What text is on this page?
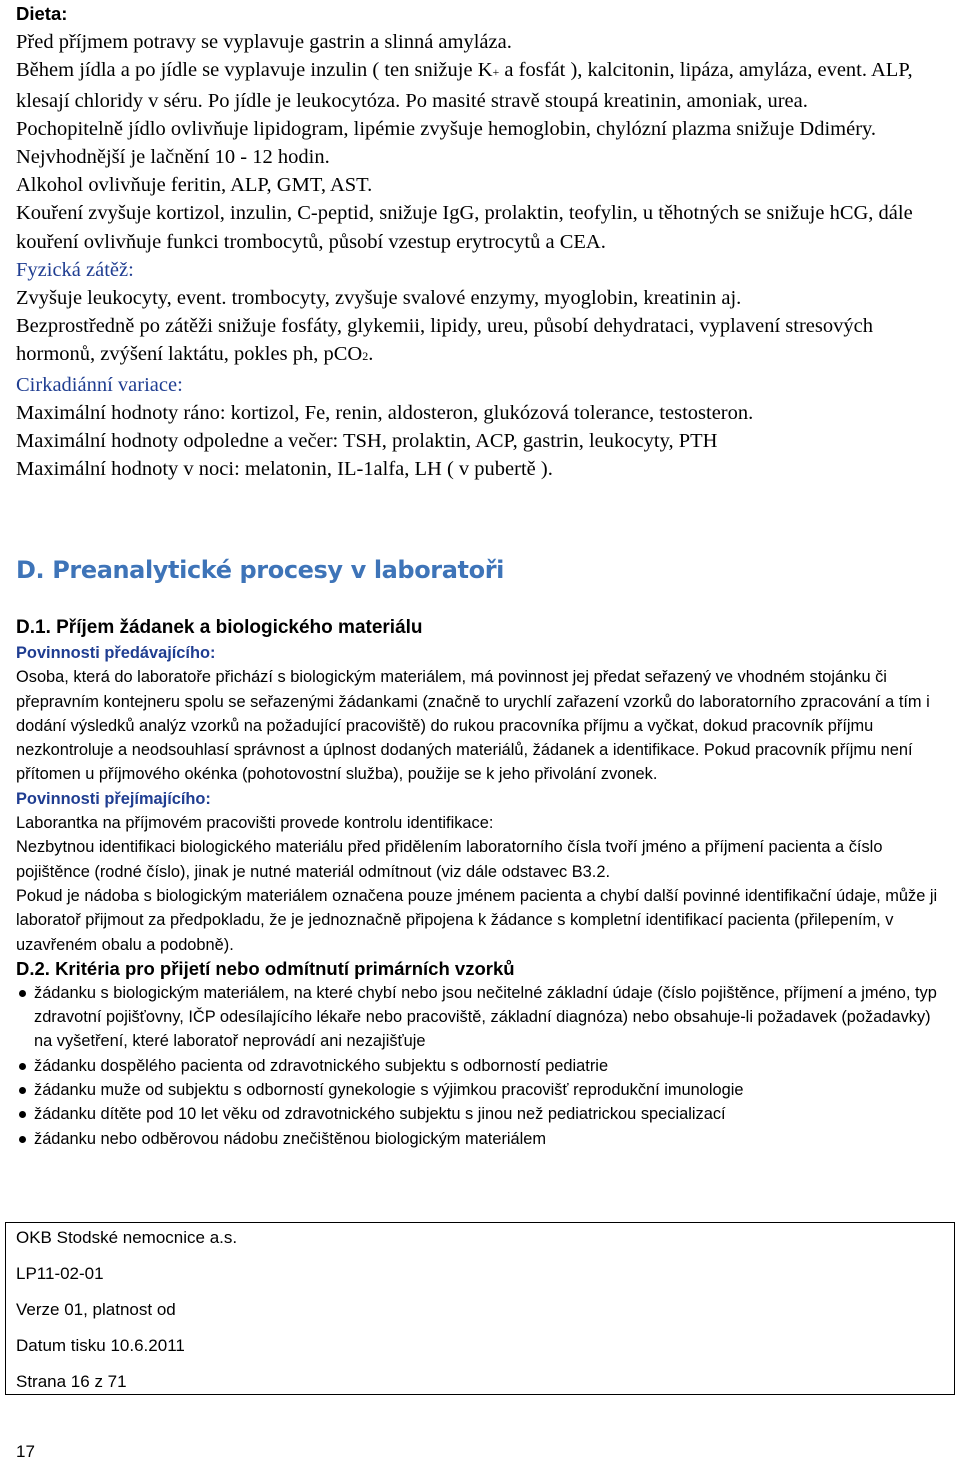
Dieta:

Před příjmem potravy se vyplavuje gastrin a slinná amyláza.

Během jídla a po jídle se vyplavuje inzulin ( ten snižuje K+ a fosfát ), kalcitonin, lipáza, amyláza, event. ALP, klesají chloridy v séru. Po jídle je leukocytóza. Po masité stravě stoupá kreatinin, amoniak, urea.

Pochopitelně jídlo ovlivňuje lipidogram, lipémie zvyšuje hemoglobin, chylózní plazma snižuje Ddiméry.

Nejvhodnější je lačnění 10 - 12 hodin.

Alkohol ovlivňuje feritin, ALP, GMT, AST.

Kouření zvyšuje kortizol, inzulin, C-peptid, snižuje IgG, prolaktin, teofylin, u těhotných se snižuje hCG, dále kouření ovlivňuje funkci trombocytů, působí vzestup erytrocytů a CEA.

Fyzická zátěž:

Zvyšuje leukocyty, event. trombocyty, zvyšuje svalové enzymy, myoglobin, kreatinin aj.

Bezprostředně po zátěži snižuje fosfáty, glykemii, lipidy, ureu, působí dehydrataci, vyplavení stresových hormonů, zvýšení laktátu, pokles ph, pCO2.

Cirkadiánní variace:

Maximální hodnoty ráno: kortizol, Fe, renin, aldosteron, glukózová tolerance, testosteron.

Maximální hodnoty odpoledne a večer: TSH, prolaktin, ACP, gastrin, leukocyty, PTH

Maximální hodnoty v noci: melatonin, IL-1alfa, LH ( v pubertě ).

D. Preanalytické procesy v laboratoři

D.1. Příjem žádanek a biologického materiálu

Povinnosti předávajícího:

Osoba, která do laboratoře přichází s biologickým materiálem, má povinnost jej předat seřazený ve vhodném stojánku či přepravním kontejneru spolu se seřazenými žádankami (značně to urychlí zařazení vzorků do laboratorního zpracování a tím i dodání výsledků analýz vzorků na požadující pracoviště) do rukou pracovníka příjmu a vyčkat, dokud pracovník příjmu nezkontroluje a neodsouhlasí správnost a úplnost dodaných materiálů, žádanek a identifikace. Pokud pracovník příjmu není přítomen u příjmového okénka (pohotovostní služba), použije se k jeho přivolání zvonek.

Povinnosti přejímajícího:

Laborantka na příjmovém pracovišti provede kontrolu identifikace:

Nezbytnou identifikaci biologického materiálu před přidělením laboratorního čísla tvoří jméno a příjmení pacienta a číslo pojištěnce (rodné číslo), jinak je nutné materiál odmítnout (viz dále odstavec B3.2.

Pokud je nádoba s biologickým materiálem označena pouze jménem pacienta a chybí další povinné identifikační údaje, může ji laboratoř přijmout za předpokladu, že je jednoznačně připojena k žádance s kompletní identifikací pacienta (přilepením, v uzavřeném obalu a podobně).

D.2. Kritéria pro přijetí nebo odmítnutí primárních vzorků

žádanku s biologickým materiálem, na které chybí nebo jsou nečitelné základní údaje (číslo pojištěnce, příjmení a jméno, typ zdravotní pojišťovny, IČP odesílajícího lékaře nebo pracoviště, základní diagnóza) nebo obsahuje-li požadavek (požadavky) na vyšetření, které laboratoř neprovádí ani nezajišťuje
žádanku dospělého pacienta od zdravotnického subjektu s odborností pediatrie
žádanku muže od subjektu s odborností gynekologie s výjimkou pracovišť reprodukční imunologie
žádanku dítěte pod 10 let věku od zdravotnického subjektu s jinou než pediatrickou specializací
žádanku nebo odběrovou nádobu znečištěnou biologickým materiálem
OKB Stodské nemocnice a.s.
LP11-02-01
Verze 01, platnost od
Datum tisku 10.6.2011
Strana 16 z 71
17
